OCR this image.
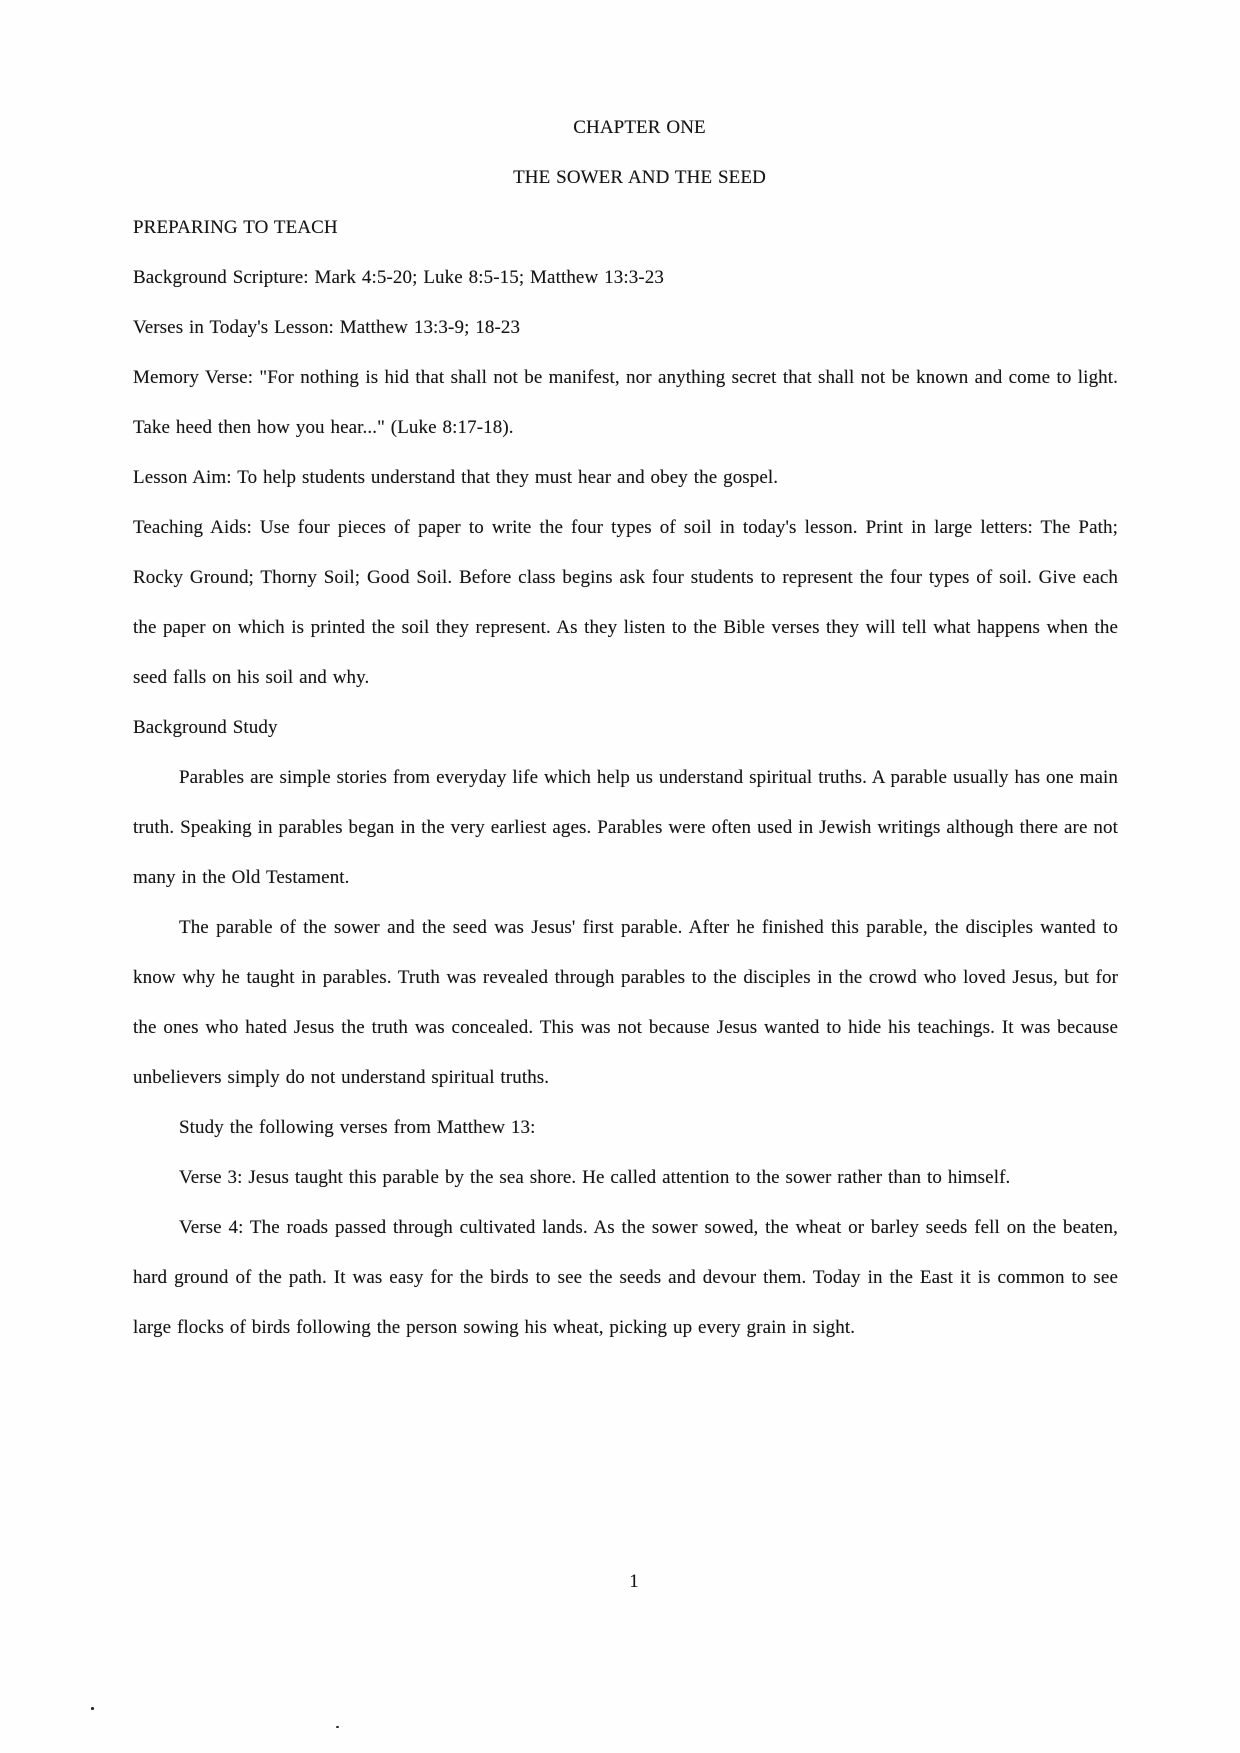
CHAPTER ONE

THE SOWER AND THE SEED

PREPARING TO TEACH

Background Scripture: Mark 4:5-20; Luke 8:5-15; Matthew 13:3-23

Verses in Today's Lesson: Matthew 13:3-9; 18-23

Memory Verse: "For nothing is hid that shall not be manifest, nor anything secret that shall not be known and come to light. Take heed then how you hear..." (Luke 8:17-18).

Lesson Aim: To help students understand that they must hear and obey the gospel.

Teaching Aids: Use four pieces of paper to write the four types of soil in today's lesson. Print in large letters: The Path; Rocky Ground; Thorny Soil; Good Soil. Before class begins ask four students to represent the four types of soil. Give each the paper on which is printed the soil they represent. As they listen to the Bible verses they will tell what happens when the seed falls on his soil and why.

Background Study

Parables are simple stories from everyday life which help us understand spiritual truths. A parable usually has one main truth. Speaking in parables began in the very earliest ages. Parables were often used in Jewish writings although there are not many in the Old Testament.

The parable of the sower and the seed was Jesus' first parable. After he finished this parable, the disciples wanted to know why he taught in parables. Truth was revealed through parables to the disciples in the crowd who loved Jesus, but for the ones who hated Jesus the truth was concealed. This was not because Jesus wanted to hide his teachings. It was because unbelievers simply do not understand spiritual truths.

Study the following verses from Matthew 13:

Verse 3: Jesus taught this parable by the sea shore. He called attention to the sower rather than to himself.

Verse 4: The roads passed through cultivated lands. As the sower sowed, the wheat or barley seeds fell on the beaten, hard ground of the path. It was easy for the birds to see the seeds and devour them. Today in the East it is common to see large flocks of birds following the person sowing his wheat, picking up every grain in sight.

1
